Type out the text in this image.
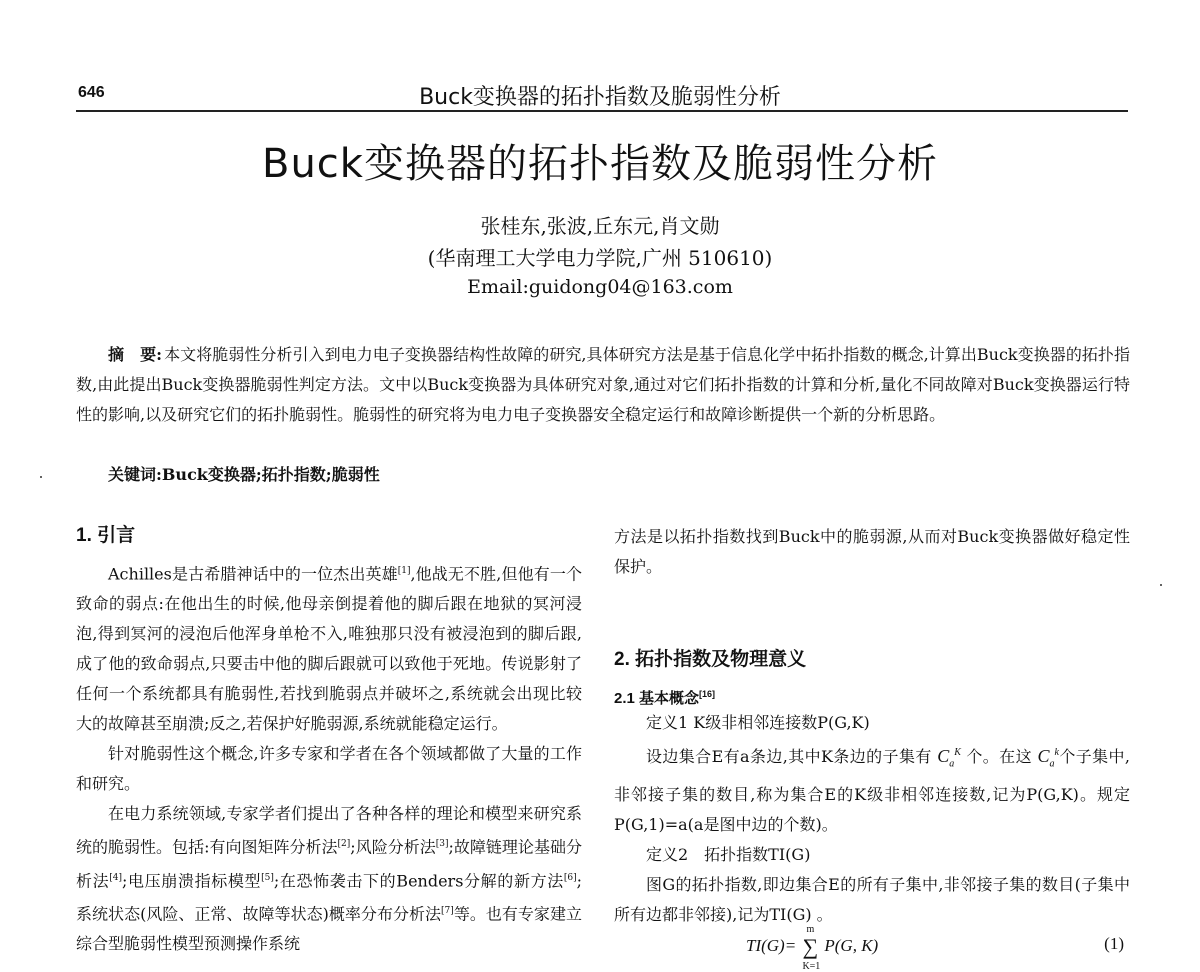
646	Buck变换器的拓扑指数及脆弱性分析
Buck变换器的拓扑指数及脆弱性分析
张桂东,张波,丘东元,肖文勋
(华南理工大学电力学院,广州 510610)
Email:guidong04@163.com
摘　要: 本文将脆弱性分析引入到电力电子变换器结构性故障的研究,具体研究方法是基于信息化学中拓扑指数的概念,计算出Buck变换器的拓扑指数,由此提出Buck变换器脆弱性判定方法。文中以Buck变换器为具体研究对象,通过对它们拓扑指数的计算和分析,量化不同故障对Buck变换器运行特性的影响,以及研究它们的拓扑脆弱性。脆弱性的研究将为电力电子变换器安全稳定运行和故障诊断提供一个新的分析思路。
关键词:Buck变换器;拓扑指数;脆弱性
1. 引言

Achilles是古希腊神话中的一位杰出英雄[1],他战无不胜,但他有一个致命的弱点:在他出生的时候,他母亲倒提着他的脚后跟在地狱的冥河浸泡,得到冥河的浸泡后他浑身单枪不入,唯独那只没有被浸泡到的脚后跟,成了他的致命弱点,只要击中他的脚后跟就可以致他于死地。传说影射了任何一个系统都具有脆弱性,若找到脆弱点并破坏之,系统就会出现比较大的故障甚至崩溃;反之,若保护好脆弱源,系统就能稳定运行。

针对脆弱性这个概念,许多专家和学者在各个领域都做了大量的工作和研究。

在电力系统领域,专家学者们提出了各种各样的理论和模型来研究系统的脆弱性。包括:有向图矩阵分析法[2];风险分析法[3];故障链理论基础分析法[4];电压崩溃指标模型[5];在恐怖袭击下的Benders分解的新方法[6]; 系统状态(风险、正常、故障等状态)概率分布分析法[7]等。也有专家建立综合型脆弱性模型预测操作系统

方法是以拓扑指数找到Buck中的脆弱源,从而对Buck变换器做好稳定性保护。

2. 拓扑指数及物理意义
2.1 基本概念[16]

定义1 K级非相邻连接数P(G,K)

设边集合E有a条边,其中K条边的子集有 $C_a^K$ 个。在这 $C_a^k$个子集中,非邻接子集的数目,称为集合E的K级非相邻连接数,记为P(G,K)。规定P(G,1)=a(a是图中边的个数)。

定义2　拓扑指数TI(G)

图G的拓扑指数,即边集合E的所有子集中,非邻接子集的数目(子集中所有边都非邻接),记为TI(G) 。

TI(G)= ∑
m
K=1
P(G, K)	(1)
